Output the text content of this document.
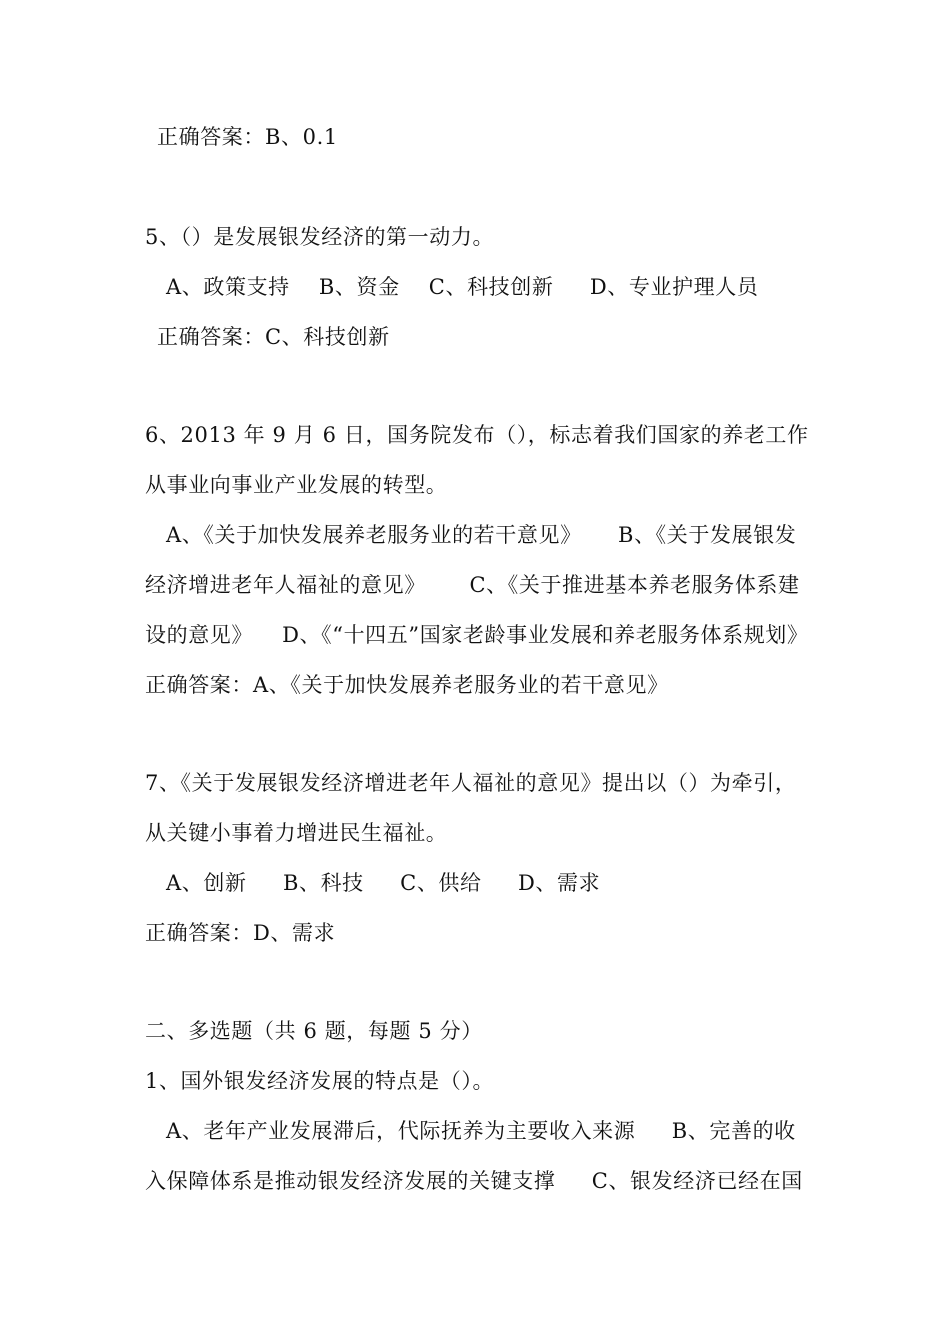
正确答案：B、0.1
5、（）是发展银发经济的第一动力。
A、政策支持    B、资金    C、科技创新     D、专业护理人员
正确答案：C、科技创新
6、2013 年 9 月 6 日，国务院发布（），标志着我们国家的养老工作
从事业向事业产业发展的转型。
A、《关于加快发展养老服务业的若干意见》     B、《关于发展银发
经济增进老年人福祉的意见》      C、《关于推进基本养老服务体系建
设的意见》    D、《“十四五”国家老龄事业发展和养老服务体系规划》
正确答案：A、《关于加快发展养老服务业的若干意见》
7、《关于发展银发经济增进老年人福祉的意见》提出以（）为牵引，
从关键小事着力增进民生福祉。
A、创新     B、科技     C、供给     D、需求
正确答案：D、需求
二、多选题（共 6 题，每题 5 分）
1、国外银发经济发展的特点是（）。
A、老年产业发展滞后，代际抚养为主要收入来源     B、完善的收
入保障体系是推动银发经济发展的关键支撑     C、银发经济已经在国
